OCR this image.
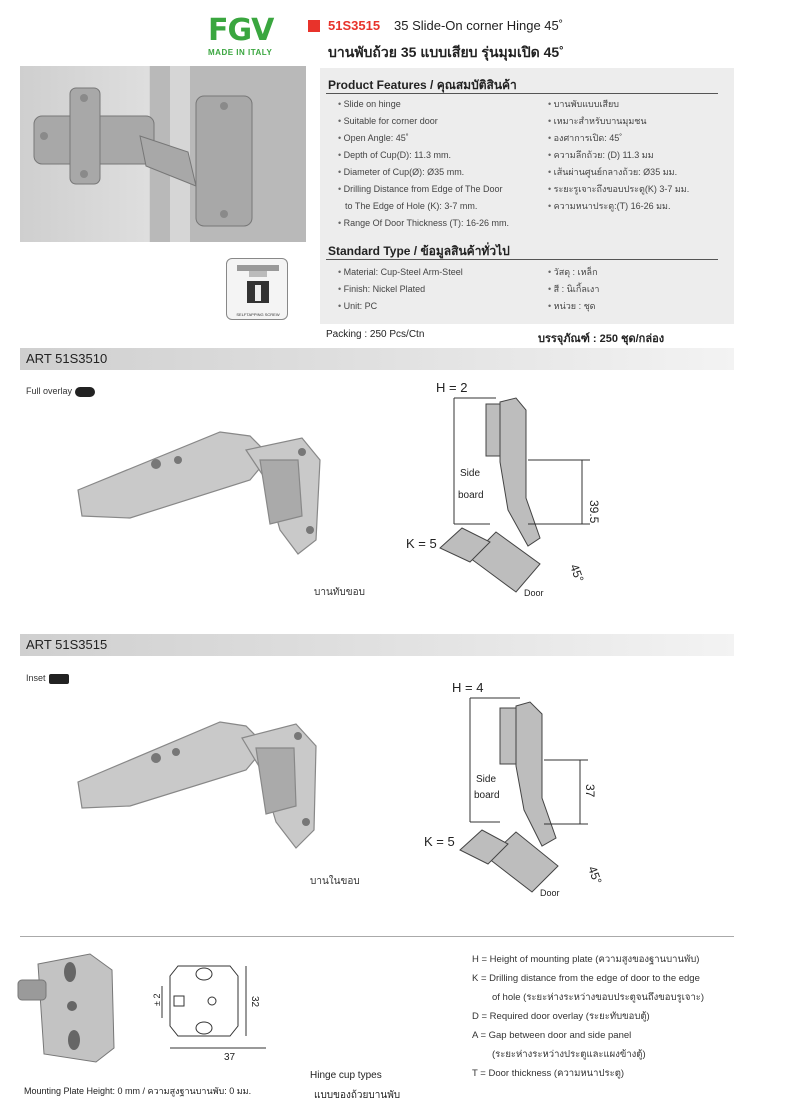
FGV
MADE IN ITALY
51S3515 35 Slide-On corner Hinge 45˚
บานพับถ้วย 35 แบบเสียบ รุ่นมุมเปิด 45˚
SELFTAPPING SCREW
Product Features / คุณสมบัติสินค้า
• Slide on hinge
• Suitable for corner door
• Open Angle: 45˚
• Depth of Cup(D): 11.3 mm.
• Diameter of Cup(Ø): Ø35 mm.
• Drilling Distance from Edge of The Door
to The Edge of Hole (K): 3-7 mm.
• Range Of Door Thickness (T): 16-26 mm.
• บานพับแบบเสียบ
• เหมาะสำหรับบานมุมชน
• องศาการเปิด: 45˚
• ความลึกถ้วย: (D) 11.3 มม
• เส้นผ่านศูนย์กลางถ้วย: Ø35 มม.
• ระยะรูเจาะถึงขอบประตู(K) 3-7 มม.
• ความหนาประตู:(T) 16-26 มม.
Standard Type / ข้อมูลสินค้าทั่วไป
• Material: Cup-Steel Arm-Steel
• Finish: Nickel Plated
• Unit: PC
• วัสดุ : เหล็ก
• สี : นิเกิ้ลเงา
• หน่วย : ชุด
Packing : 250 Pcs/Ctn	บรรจุภัณฑ์ : 250 ชุด/กล่อง
ART 51S3510
Full overlay
บานทับขอบ
H = 2
Side
board
39.5
K = 5
Door
45°
ART 51S3515
Inset
บานในขอบ
H = 4
Side
board	37
K = 5
Door
45°
± 2	32
37
Mounting Plate Height: 0 mm / ความสูงฐานบานพับ: 0 มม.
Hinge cup types
แบบของถ้วยบานพับ
H = Height of mounting plate (ความสูงของฐานบานพับ)
K = Drilling distance from the edge of door to the edge
of hole (ระยะห่างระหว่างขอบประตูจนถึงขอบรูเจาะ)
D = Required door overlay (ระยะทับขอบตู้)
A = Gap between door and side panel
(ระยะห่างระหว่างประตูและแผงข้างตู้)
T = Door thickness (ความหนาประตู)
